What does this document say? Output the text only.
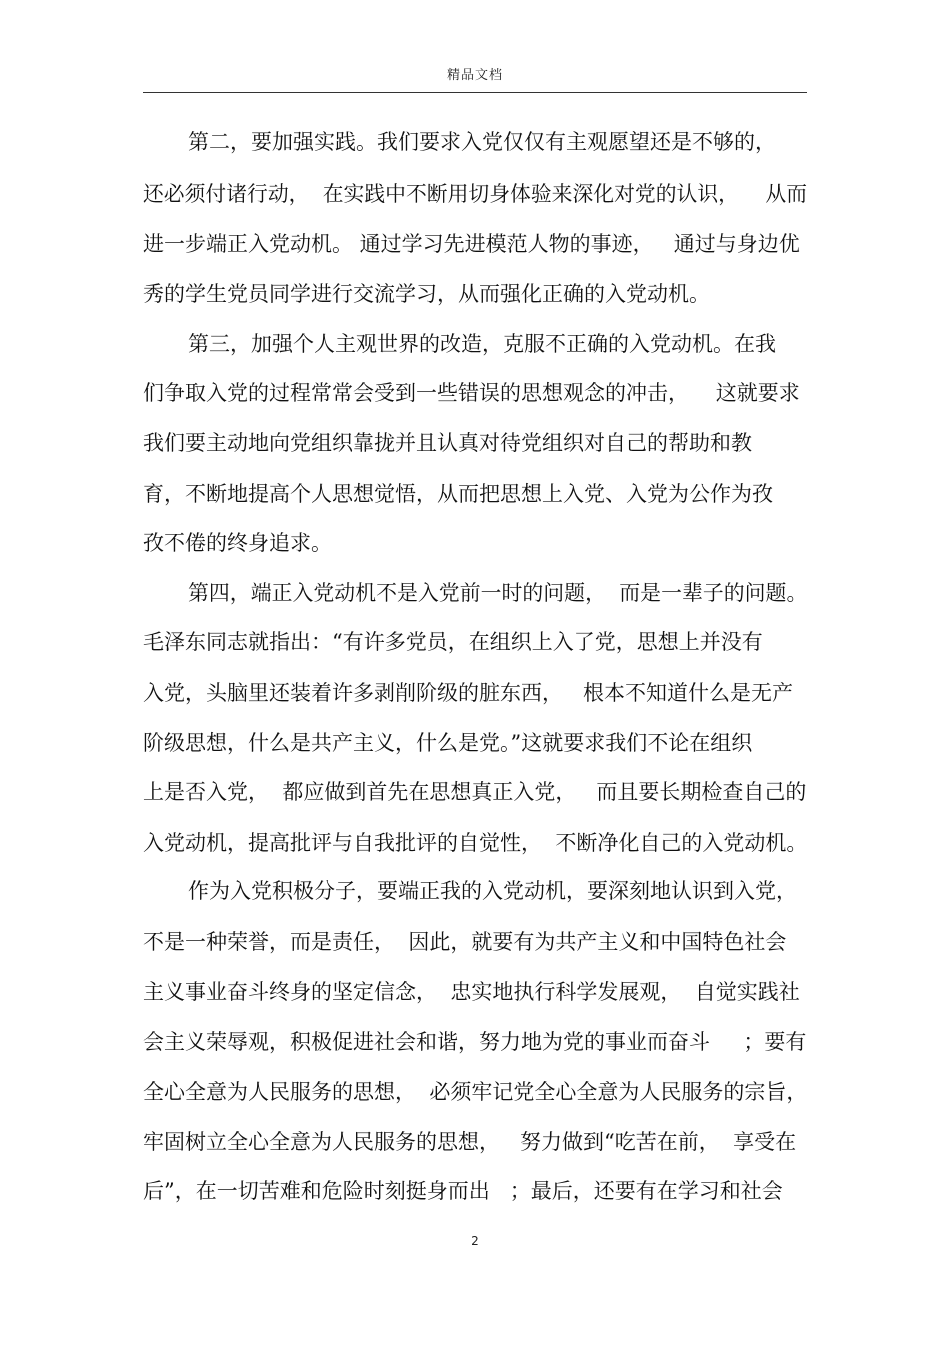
精品文档
第二，要加强实践。我们要求入党仅仅有主观愿望还是不够的，
还必须付诸行动，  在实践中不断用切身体验来深化对党的认识，    从而
进一步端正入党动机。 通过学习先进模范人物的事迹，   通过与身边优
秀的学生党员同学进行交流学习，从而强化正确的入党动机。
第三，加强个人主观世界的改造，克服不正确的入党动机。在我
们争取入党的过程常常会受到一些错误的思想观念的冲击，    这就要求
我们要主动地向党组织靠拢并且认真对待党组织对自己的帮助和教
育，不断地提高个人思想觉悟，从而把思想上入党、入党为公作为孜
孜不倦的终身追求。
第四，端正入党动机不是入党前一时的问题，  而是一辈子的问题。
毛泽东同志就指出：“有许多党员，在组织上入了党，思想上并没有
入党，头脑里还装着许多剥削阶级的脏东西，   根本不知道什么是无产
阶级思想，什么是共产主义，什么是党。”这就要求我们不论在组织
上是否入党，  都应做到首先在思想真正入党，   而且要长期检查自己的
入党动机，提高批评与自我批评的自觉性，  不断净化自己的入党动机。
作为入党积极分子，要端正我的入党动机，要深刻地认识到入党，
不是一种荣誉，而是责任，  因此，就要有为共产主义和中国特色社会
主义事业奋斗终身的坚定信念，  忠实地执行科学发展观，  自觉实践社
会主义荣辱观，积极促进社会和谐，努力地为党的事业而奋斗     ；要有
全心全意为人民服务的思想，  必须牢记党全心全意为人民服务的宗旨，
牢固树立全心全意为人民服务的思想，   努力做到“吃苦在前，  享受在
后”，在一切苦难和危险时刻挺身而出   ；最后，还要有在学习和社会
2
